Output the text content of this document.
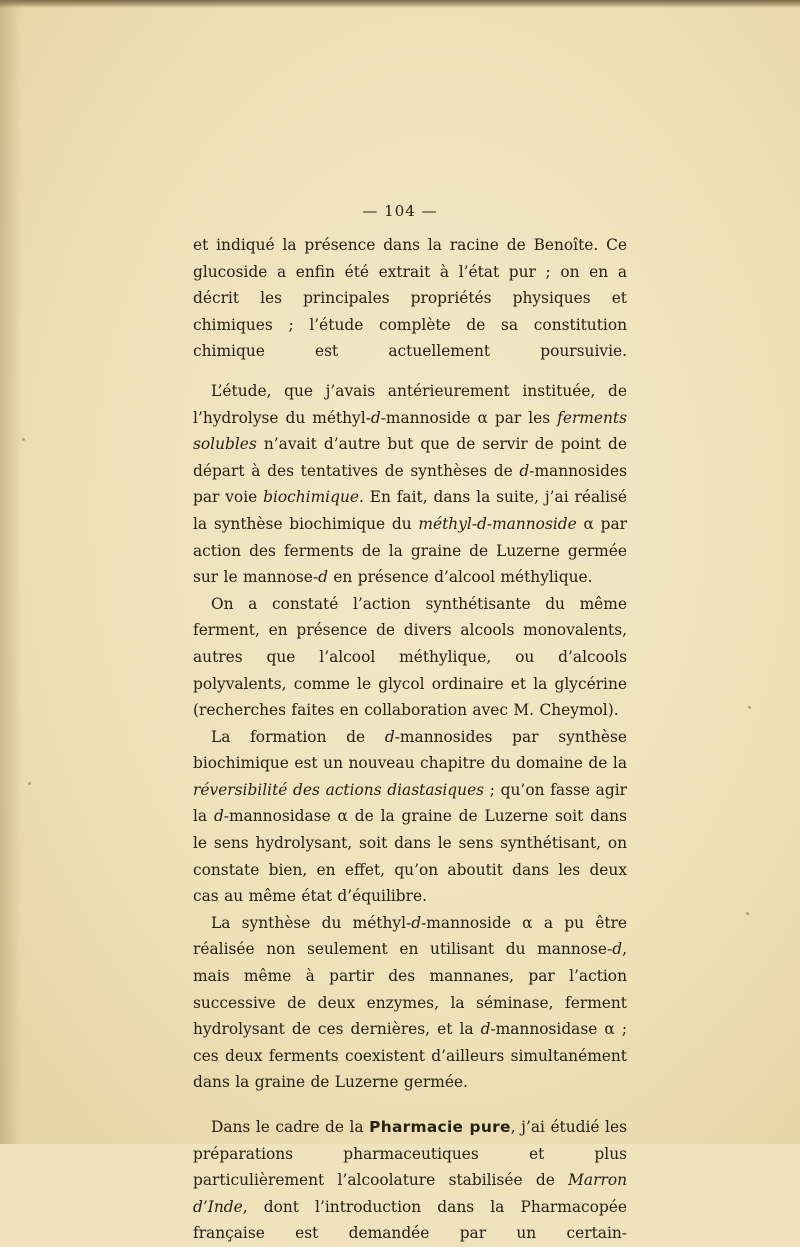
— 104 —

et indiqué la présence dans la racine de Benoîte. Ce glucoside a enfin été extrait à l’état pur ; on en a décrit les principales propriétés physiques et chimiques ; l’étude complète de sa constitution chimique est actuellement poursuivie.

L’étude, que j’avais antérieurement instituée, de l’hydrolyse du méthyl-d-mannoside α par les ferments solubles n’avait d’autre but que de servir de point de départ à des tentatives de synthèses de d-mannosides par voie biochimique. En fait, dans la suite, j’ai réalisé la synthèse biochimique du méthyl-d-mannoside α par action des ferments de la graine de Luzerne germée sur le mannose-d en présence d’alcool méthylique.

On a constaté l’action synthétisante du même ferment, en présence de divers alcools monovalents, autres que l’alcool méthylique, ou d’alcools polyvalents, comme le glycol ordinaire et la glycérine (recherches faites en collaboration avec M. Cheymol).

La formation de d-mannosides par synthèse biochimique est un nouveau chapitre du domaine de la réversibilité des actions diastasiques ; qu’on fasse agir la d-mannosidase α de la graine de Luzerne soit dans le sens hydrolysant, soit dans le sens synthétisant, on constate bien, en effet, qu’on aboutit dans les deux cas au même état d’équilibre.

La synthèse du méthyl-d-mannoside α a pu être réalisée non seulement en utilisant du mannose-d, mais même à partir des mannanes, par l’action successive de deux enzymes, la séminase, ferment hydrolysant de ces dernières, et la d-mannosidase α ; ces deux ferments coexistent d’ailleurs simultanément dans la graine de Luzerne germée.

Dans le cadre de la Pharmacie pure, j’ai étudié les préparations pharmaceutiques et plus particulièrement l’alcoolature stabilisée de Marron d’Inde, dont l’introduction dans la Pharmacopée française est demandée par un certain-
